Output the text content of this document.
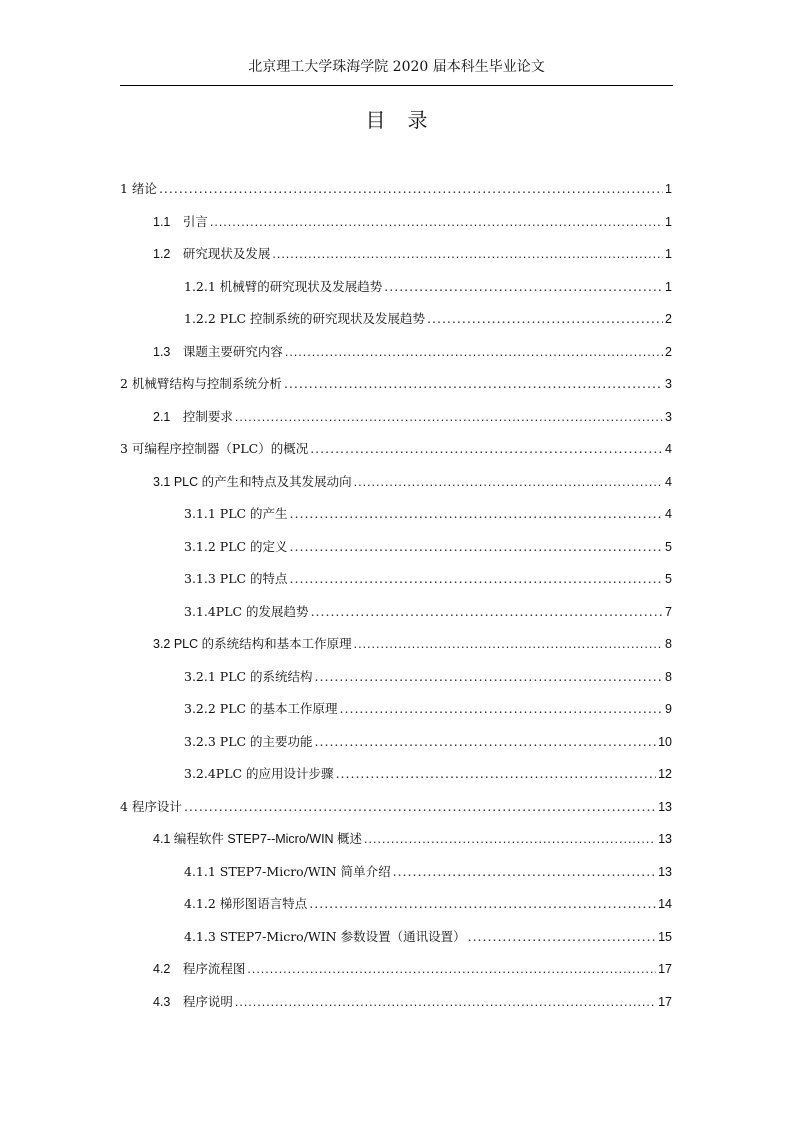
北京理工大学珠海学院 2020 届本科生毕业论文
目录
1 绪论 .....	1
1.1　引言 .....	1
1.2　研究现状及发展 .....	1
1.2.1 机械臂的研究现状及发展趋势 .....	1
1.2.2 PLC 控制系统的研究现状及发展趋势 .....	2
1.3　课题主要研究内容 .....	2
2 机械臂结构与控制系统分析 .....	3
2.1　控制要求 .....	3
3 可编程序控制器（PLC）的概况 .....	4
3.1 PLC 的产生和特点及其发展动向 .....	4
3.1.1 PLC 的产生 .....	4
3.1.2 PLC 的定义 .....	5
3.1.3 PLC 的特点 .....	5
3.1.4PLC 的发展趋势 .....	7
3.2 PLC 的系统结构和基本工作原理 .....	8
3.2.1 PLC 的系统结构 .....	8
3.2.2 PLC 的基本工作原理 .....	9
3.2.3 PLC 的主要功能 .....	10
3.2.4PLC 的应用设计步骤 .....	12
4 程序设计 .....	13
4.1 编程软件 STEP7--Micro/WIN 概述 .....	13
4.1.1 STEP7-Micro/WIN 简单介绍 .....	13
4.1.2 梯形图语言特点 .....	14
4.1.3 STEP7-Micro/WIN 参数设置（通讯设置） .....	15
4.2　程序流程图 .....	17
4.3　程序说明 .....	17
